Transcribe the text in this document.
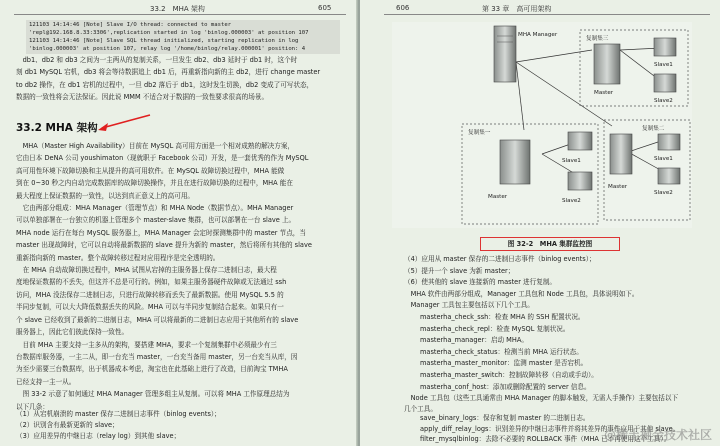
33.2　MHA 架构	605
121103 14:14:46 [Note] Slave I/O thread: connected to master
'repl@192.168.8.33:3306',replication started in log 'binlog.000003' at position 107
121103 14:14:46 [Note] Slave SQL thread initialized, starting replication in log
'binlog.000003' at position 107, relay log '/home/binlog/relay.000001' position: 4
　db1、db2 和 db3 之间为一主两从的复制关系，一旦发生 db2、db3 延时于 db1 时，这个时
刻 db1 MySQL 宕机，db3 将会等待数据追上 db1 后，再重新指向新的主 db2，进行 change master
to db2 操作，在 db1 宕机的过程中，一旦 db2 落后于 db1，这时发生切换，db2 变成了可写状态，
数据的一致性将会无法保证。因此说 MMM 不适合对于数据的一致性要求很高的场景。
33.2 MHA 架构
　MHA（Master High Availability）目前在 MySQL 高可用方面是一个相对成熟的解决方案，
它由日本 DeNA 公司 youshimaton（现就职于 Facebook 公司）开发，是一套优秀的作为 MySQL
高可用性环境下故障切换和主从提升的高可用软件。在 MySQL 故障切换过程中，MHA 能做
到在 0~30 秒之内自动完成数据库的故障切换操作，并且在进行故障切换的过程中，MHA 能在
最大程度上保证数据的一致性，以达到真正意义上的高可用。
　它由两部分组成：MHA Manager（管理节点）和 MHA Node（数据节点）。MHA Manager
可以单独部署在一台独立的机器上管理多个 master-slave 集群，也可以部署在一台 slave 上。
MHA node 运行在每台 MySQL 服务器上，MHA Manager 会定时探测集群中的 master 节点，当
master 出现故障时，它可以自动将最新数据的 slave 提升为新的 master，然后将所有其他的 slave
重新指向新的 master。整个故障转移过程对应用程序是完全透明的。
　在 MHA 自动故障切换过程中，MHA 试图从宕掉的主服务器上保存二进制日志，最大程
度地保证数据的不丢失，但这并不总是可行的。例如，如果主服务器硬件故障或无法通过 ssh
访问，MHA 没法保存二进制日志，只进行故障转移而丢失了最新数据。使用 MySQL 5.5 的
半同步复制，可以大大降低数据丢失的风险。MHA 可以与半同步复制结合起来。如果只有一
个 slave 已经收到了最新的二进制日志，MHA 可以将最新的二进制日志应用于其他所有的 slave
服务器上，因此它们彼此保持一致性。
　目前 MHA 主要支持一主多从的架构，要搭建 MHA，要求一个复制集群中必须最少有三
台数据库服务器，一主二从，即一台充当 master，一台充当备用 master，另一台充当从库，因
为至少需要三台数据库，出于机器成本考虑，淘宝也在此基础上进行了改造，目前淘宝 TMHA
已经支持一主一从。
　图 33-2 示意了如何通过 MHA Manager 管理多组主从复制。可以将 MHA 工作原理总结为
以下几条：
（1）从宕机崩溃的 master 保存二进制日志事件（binlog events）；
（2）识别含有最新更新的 slave；
（3）应用差异的中继日志（relay log）到其他 slave；
606	第 33 章　高可用架构
MHA Manager
复制集三
Master
Slave1
Slave2
复制集一
Master
Slave1
Slave2
复制集二
Master
Slave1
Slave2
图 32-2　MHA 集群监控图
（4）应用从 master 保存的二进制日志事件（binlog events）；
（5）提升一个 slave 为新 master；
（6）使其他的 slave 连接新的 master 进行复制。
　MHA 软件由两部分组成，Manager 工具包和 Node 工具包，具体说明如下。
　Manager 工具包主要包括以下几个工具。
masterha_check_ssh：检查 MHA 的 SSH 配置状况。
masterha_check_repl：检查 MySQL 复制状况。
masterha_manager：启动 MHA。
masterha_check_status：检测当前 MHA 运行状态。
masterha_master_monitor：监测 master 是否宕机。
masterha_master_switch：控制故障转移（自动或手动）。
masterha_conf_host：添加或删除配置的 server 信息。
　Node 工具包（这些工具通常由 MHA Manager 的脚本触发，无需人手操作）主要包括以下
几个工具。
save_binary_logs：保存和复制 master 的二进制日志。
apply_diff_relay_logs：识别差异的中继日志事件并将其差异的事件应用于其他 slave。
filter_mysqlbinlog：去除不必要的 ROLLBACK 事件（MHA 已不再使用这个工具）。
@稀土掘金技术社区
